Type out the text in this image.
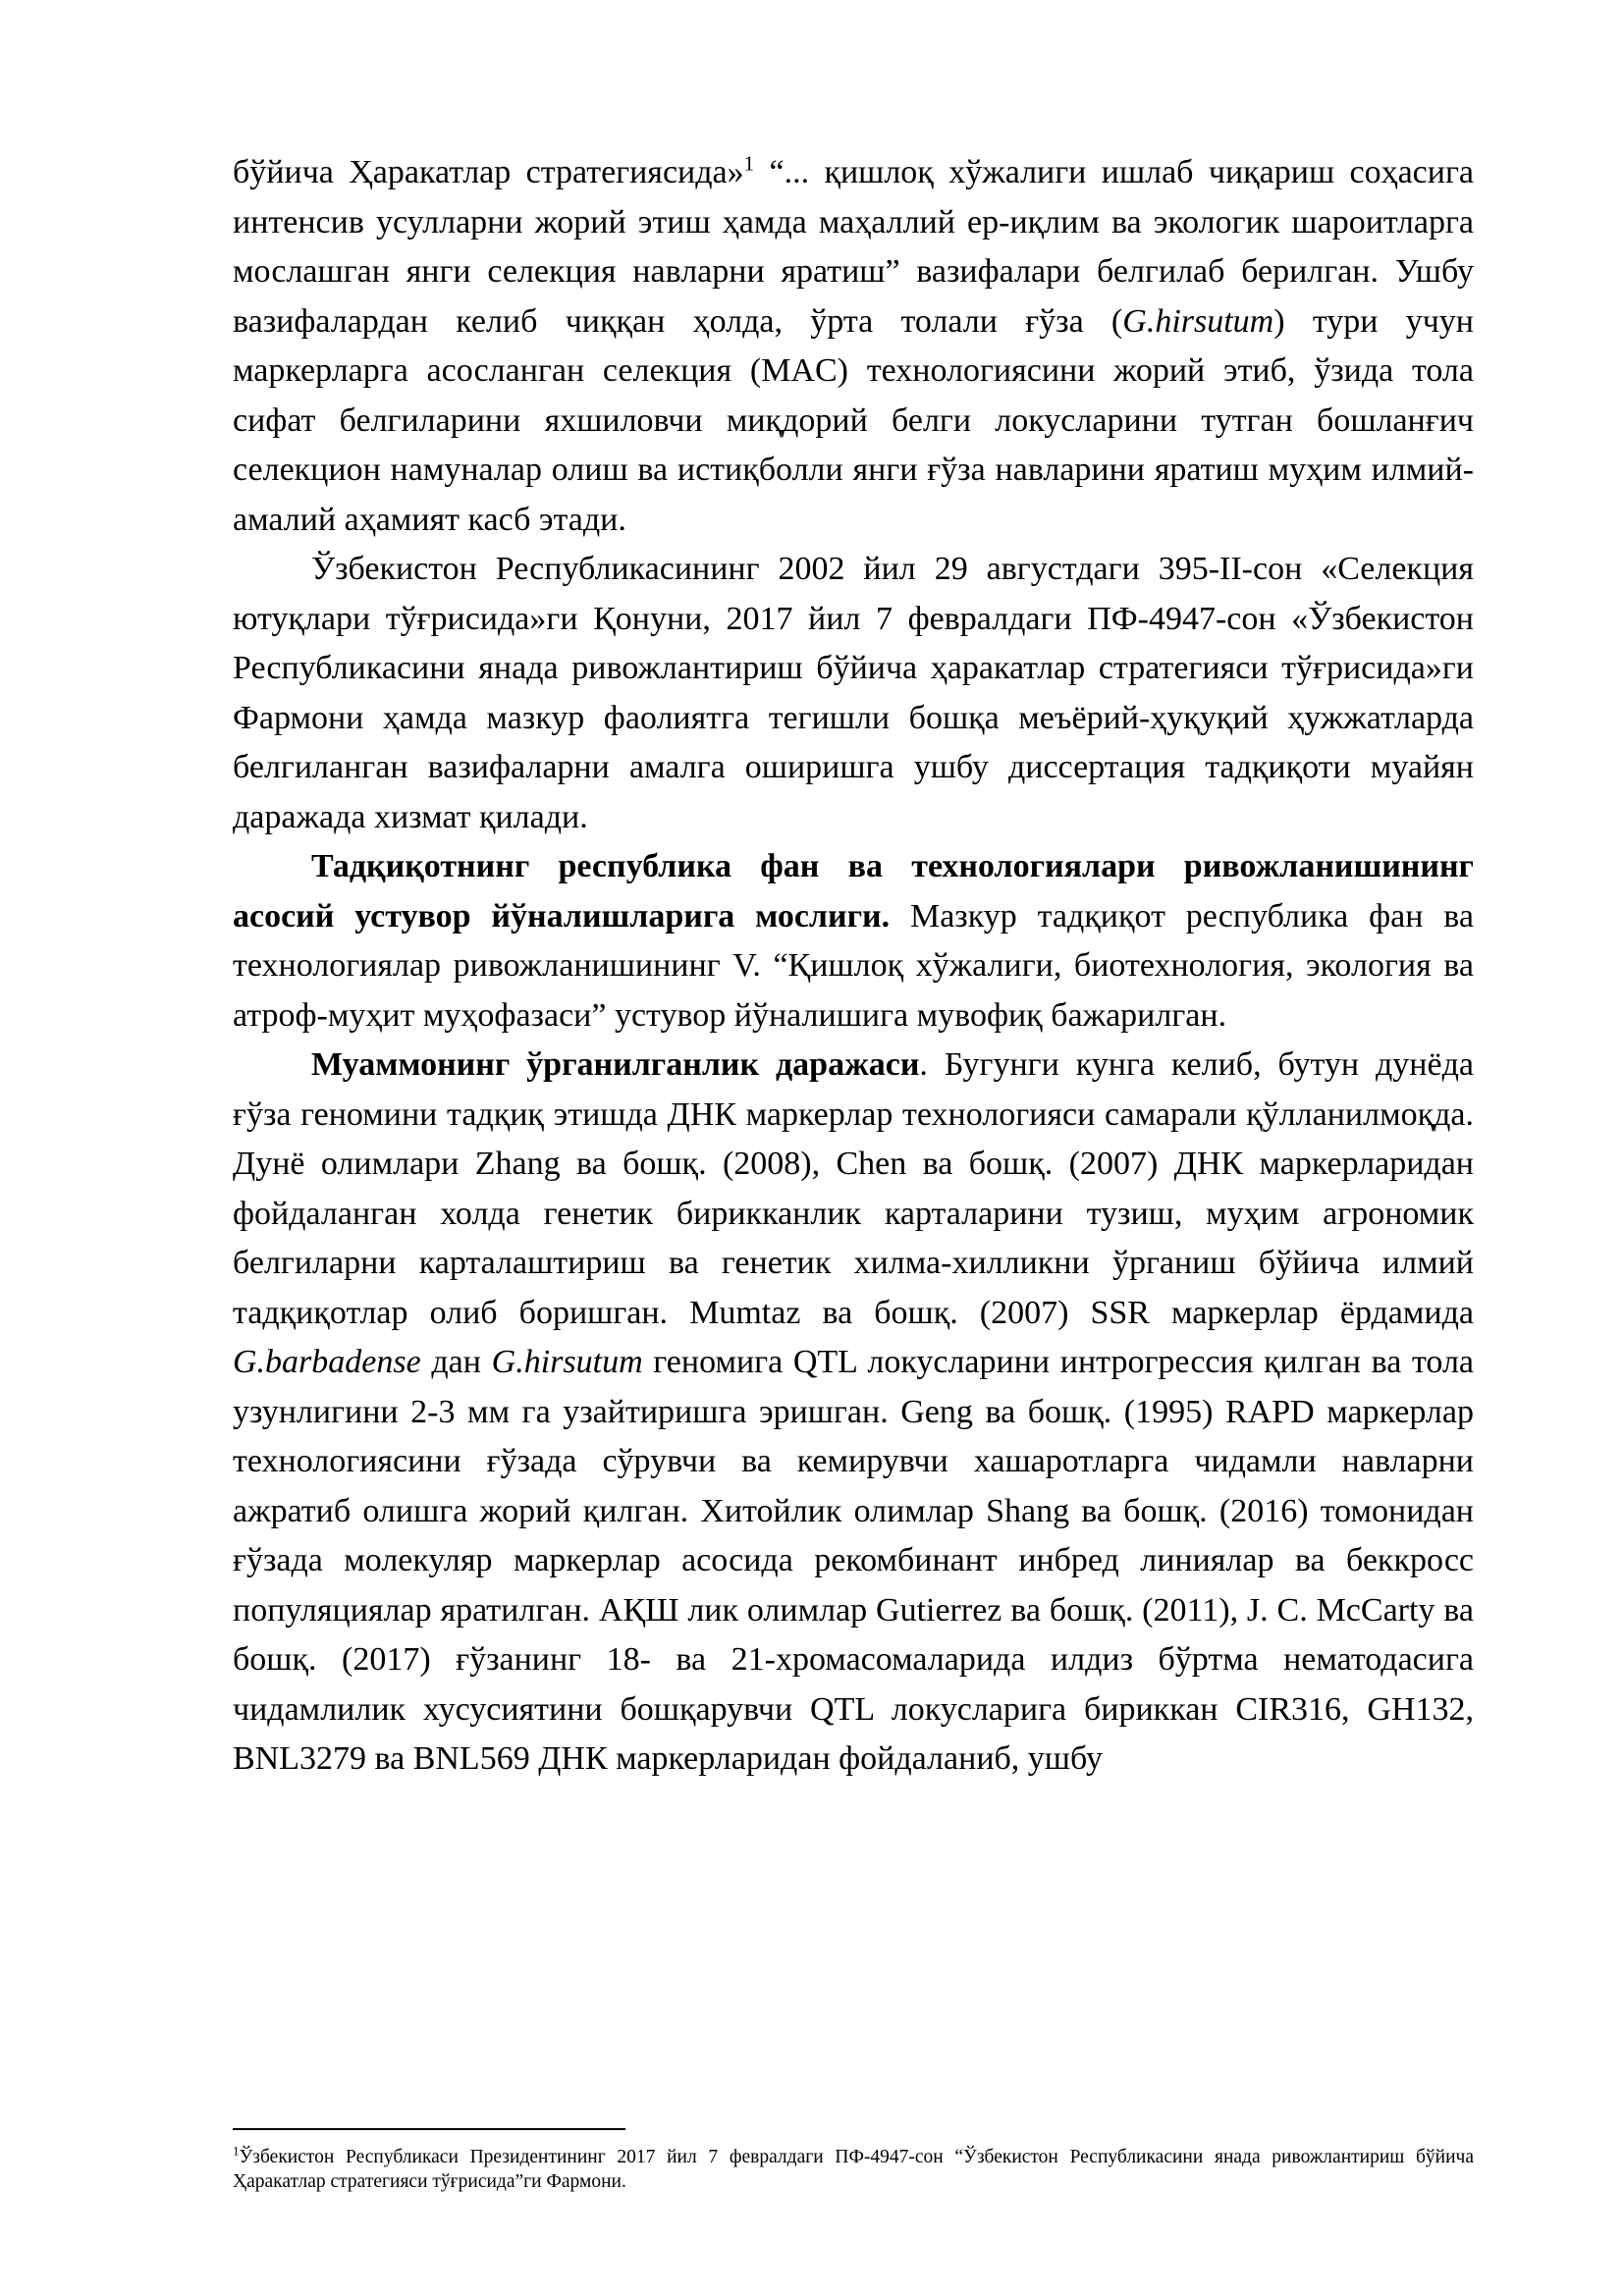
бўйича Ҳаракатлар стратегиясида»$^1$ “... қишлоқ хўжалиги ишлаб чиқариш соҳасига интенсив усулларни жорий этиш ҳамда маҳаллий ер-иқлим ва экологик шароитларга мослашган янги селекция навларни яратиш” вазифалари белгилаб берилган. Ушбу вазифалардан келиб чиққан ҳолда, ўрта толали ғўза (G.hirsutum) тури учун маркерларга асосланган селекция (MAC) технологиясини жорий этиб, ўзида тола сифат белгиларини яхшиловчи миқдорий белги локусларини тутган бошланғич селекцион намуналар олиш ва истиқболли янги ғўза навларини яратиш муҳим илмий-амалий аҳамият касб этади.

Ўзбекистон Республикасининг 2002 йил 29 августдаги 395-II-сон «Селекция ютуқлари тўғрисида»ги Қонуни, 2017 йил 7 февралдаги ПФ-4947-сон «Ўзбекистон Республикасини янада ривожлантириш бўйича ҳаракатлар стратегияси тўғрисида»ги Фармони ҳамда мазкур фаолиятга тегишли бошқа меъёрий-ҳуқуқий ҳужжатларда белгиланган вазифаларни амалга оширишга ушбу диссертация тадқиқоти муайян даражада хизмат қилади.

Тадқиқотнинг республика фан ва технологиялари ривожланишининг асосий устувор йўналишларига мослиги. Мазкур тадқиқот республика фан ва технологиялар ривожланишининг V. “Қишлоқ хўжалиги, биотехнология, экология ва атроф-муҳит муҳофазаси” устувор йўналишига мувофиқ бажарилган.

Муаммонинг ўрганилганлик даражаси. Бугунги кунга келиб, бутун дунёда ғўза геномини тадқиқ этишда ДНК маркерлар технологияси самарали қўлланилмоқда. Дунё олимлари Zhang ва бошқ. (2008), Chen ва бошқ. (2007) ДНК маркерларидан фойдаланган холда генетик бирикканлик карталарини тузиш, муҳим агрономик белгиларни карталаштириш ва генетик хилма-хилликни ўрганиш бўйича илмий тадқиқотлар олиб боришган. Mumtaz ва бошқ. (2007) SSR маркерлар ёрдамида G.barbadense дан G.hirsutum геномига QTL локусларини интрогрессия қилган ва тола узунлигини 2-3 мм га узайтиришга эришган. Geng ва бошқ. (1995) RAPD маркерлар технологиясини ғўзада сўрувчи ва кемирувчи хашаротларга чидамли навларни ажратиб олишга жорий қилган. Хитойлик олимлар Shang ва бошқ. (2016) томонидан ғўзада молекуляр маркерлар асосида рекомбинант инбред линиялар ва беккросс популяциялар яратилган. АҚШ лик олимлар Gutierrez ва бошқ. (2011), J. C. McCarty ва бошқ. (2017) ғўзанинг 18- ва 21-хромасомаларида илдиз бўртма нематодасига чидамлилик хусусиятини бошқарувчи QTL локусларига бириккан CIR316, GH132, BNL3279 ва BNL569 ДНК маркерларидан фойдаланиб, ушбу

$^1$Ўзбекистон Республикаси Президентининг 2017 йил 7 февралдаги ПФ-4947-сон “Ўзбекистон Республикасини янада ривожлантириш бўйича Ҳаракатлар стратегияси тўғрисида”ги Фармони.
